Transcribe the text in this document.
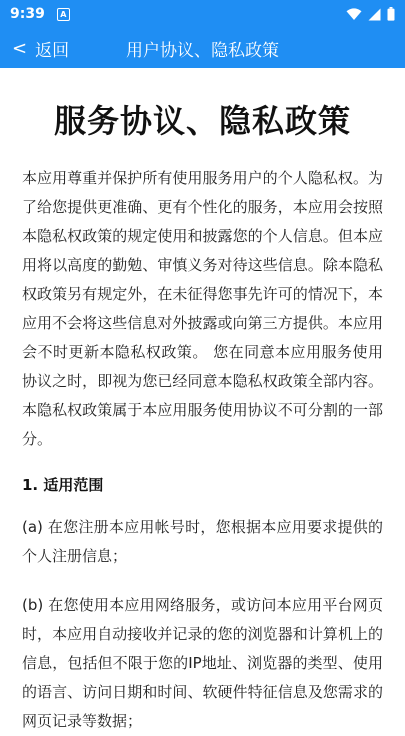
9:39	A
< 返回	用户协议、隐私政策
服务协议、隐私政策

本应用尊重并保护所有使用服务用户的个人隐私权。为了给您提供更准确、更有个性化的服务，本应用会按照本隐私权政策的规定使用和披露您的个人信息。但本应用将以高度的勤勉、审慎义务对待这些信息。除本隐私权政策另有规定外，在未征得您事先许可的情况下，本应用不会将这些信息对外披露或向第三方提供。本应用会不时更新本隐私权政策。 您在同意本应用服务使用协议之时，即视为您已经同意本隐私权政策全部内容。本隐私权政策属于本应用服务使用协议不可分割的一部分。

1. 适用范围

(a) 在您注册本应用帐号时，您根据本应用要求提供的个人注册信息；

(b) 在您使用本应用网络服务，或访问本应用平台网页时，本应用自动接收并记录的您的浏览器和计算机上的信息，包括但不限于您的IP地址、浏览器的类型、使用的语言、访问日期和时间、软硬件特征信息及您需求的网页记录等数据；
